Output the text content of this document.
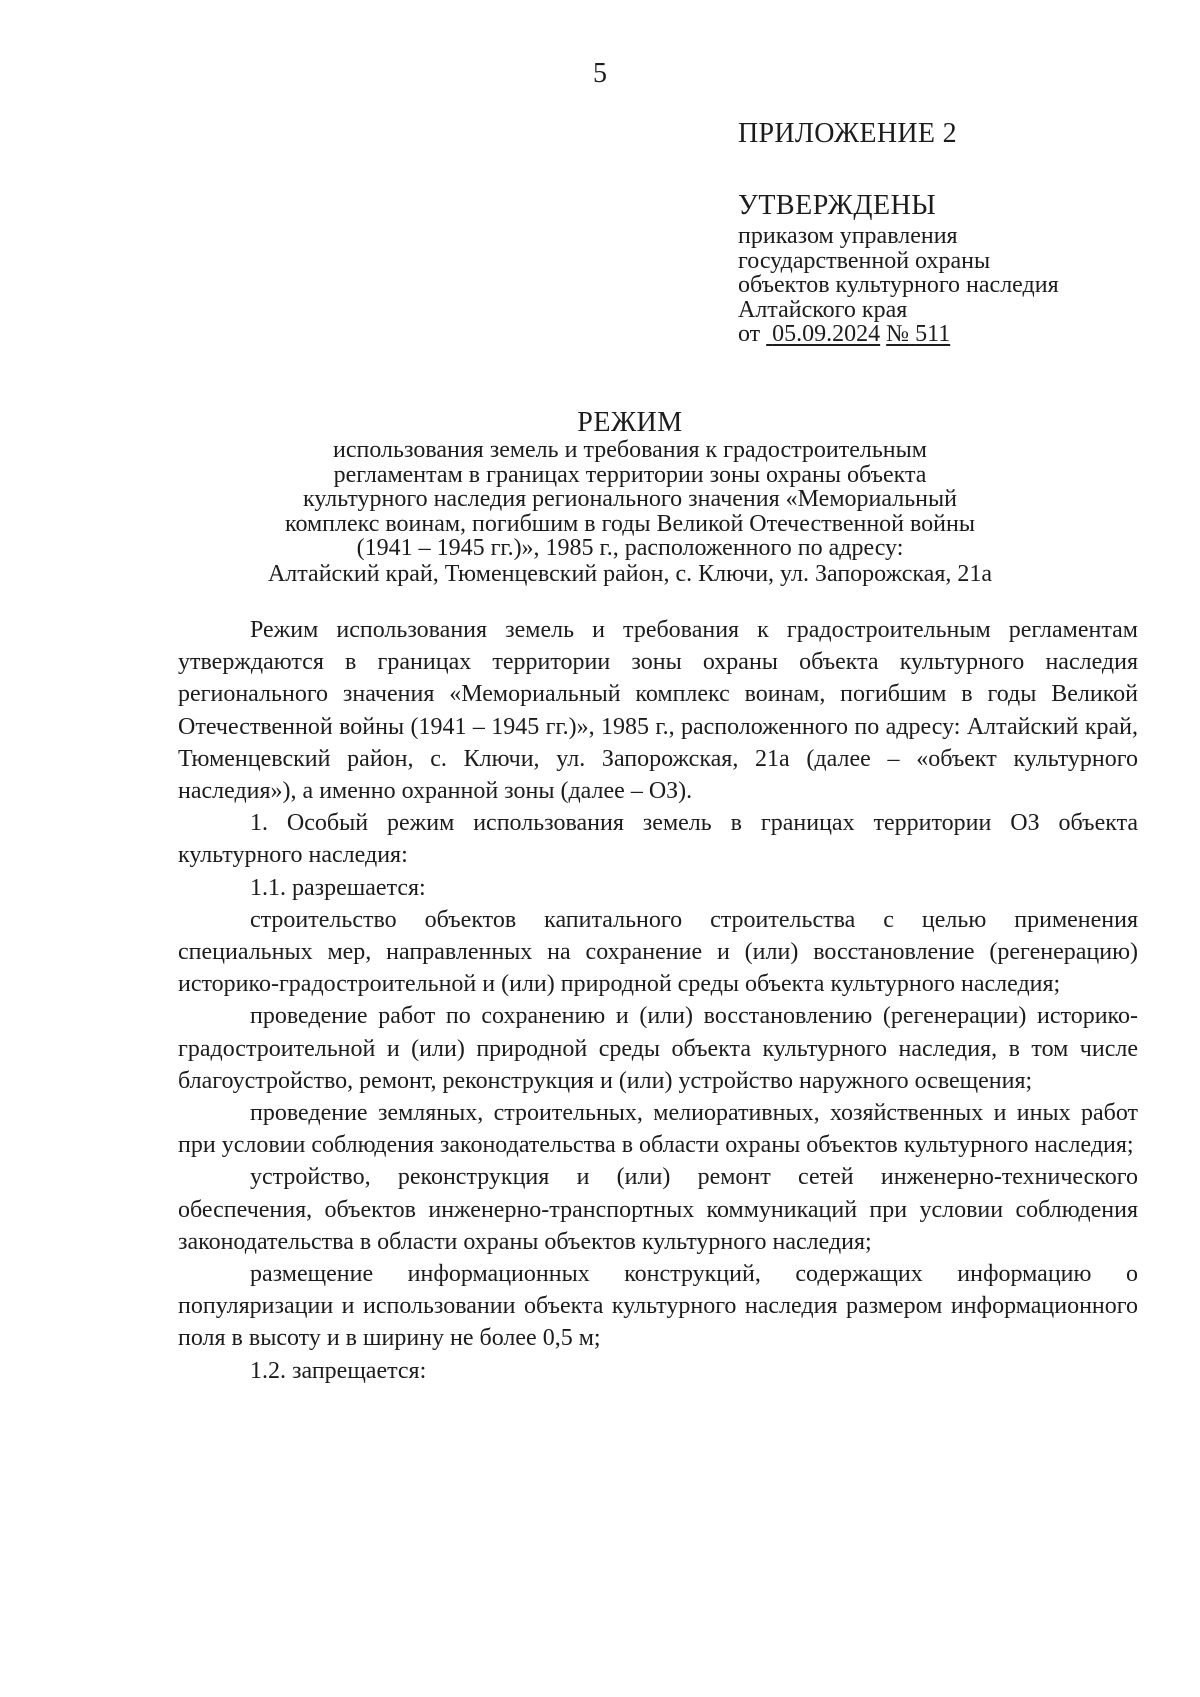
5
ПРИЛОЖЕНИЕ 2
УТВЕРЖДЕНЫ
приказом управления
государственной охраны
объектов культурного наследия
Алтайского края
от 05.09.2024 № 511
РЕЖИМ
использования земель и требования к градостроительным
регламентам в границах территории зоны охраны объекта
культурного наследия регионального значения «Мемориальный
комплекс воинам, погибшим в годы Великой Отечественной войны
(1941 – 1945 гг.)», 1985 г., расположенного по адресу:
Алтайский край, Тюменцевский район, с. Ключи, ул. Запорожская, 21а

Режим использования земель и требования к градостроительным регламентам утверждаются в границах территории зоны охраны объекта культурного наследия регионального значения «Мемориальный комплекс воинам, погибшим в годы Великой Отечественной войны (1941 – 1945 гг.)», 1985 г., расположенного по адресу: Алтайский край, Тюменцевский район, с. Ключи, ул. Запорожская, 21а (далее – «объект культурного наследия»), а именно охранной зоны (далее – ОЗ).

1. Особый режим использования земель в границах территории ОЗ объекта культурного наследия:

1.1. разрешается:

строительство объектов капитального строительства с целью применения специальных мер, направленных на сохранение и (или) восстановление (регенерацию) историко-градостроительной и (или) природной среды объекта культурного наследия;

проведение работ по сохранению и (или) восстановлению (регенерации) историко-градостроительной и (или) природной среды объекта культурного наследия, в том числе благоустройство, ремонт, реконструкция и (или) устройство наружного освещения;

проведение земляных, строительных, мелиоративных, хозяйственных и иных работ при условии соблюдения законодательства в области охраны объектов культурного наследия;

устройство, реконструкция и (или) ремонт сетей инженерно-технического обеспечения, объектов инженерно-транспортных коммуникаций при условии соблюдения законодательства в области охраны объектов культурного наследия;

размещение информационных конструкций, содержащих информацию о популяризации и использовании объекта культурного наследия размером информационного поля в высоту и в ширину не более 0,5 м;

1.2. запрещается:
